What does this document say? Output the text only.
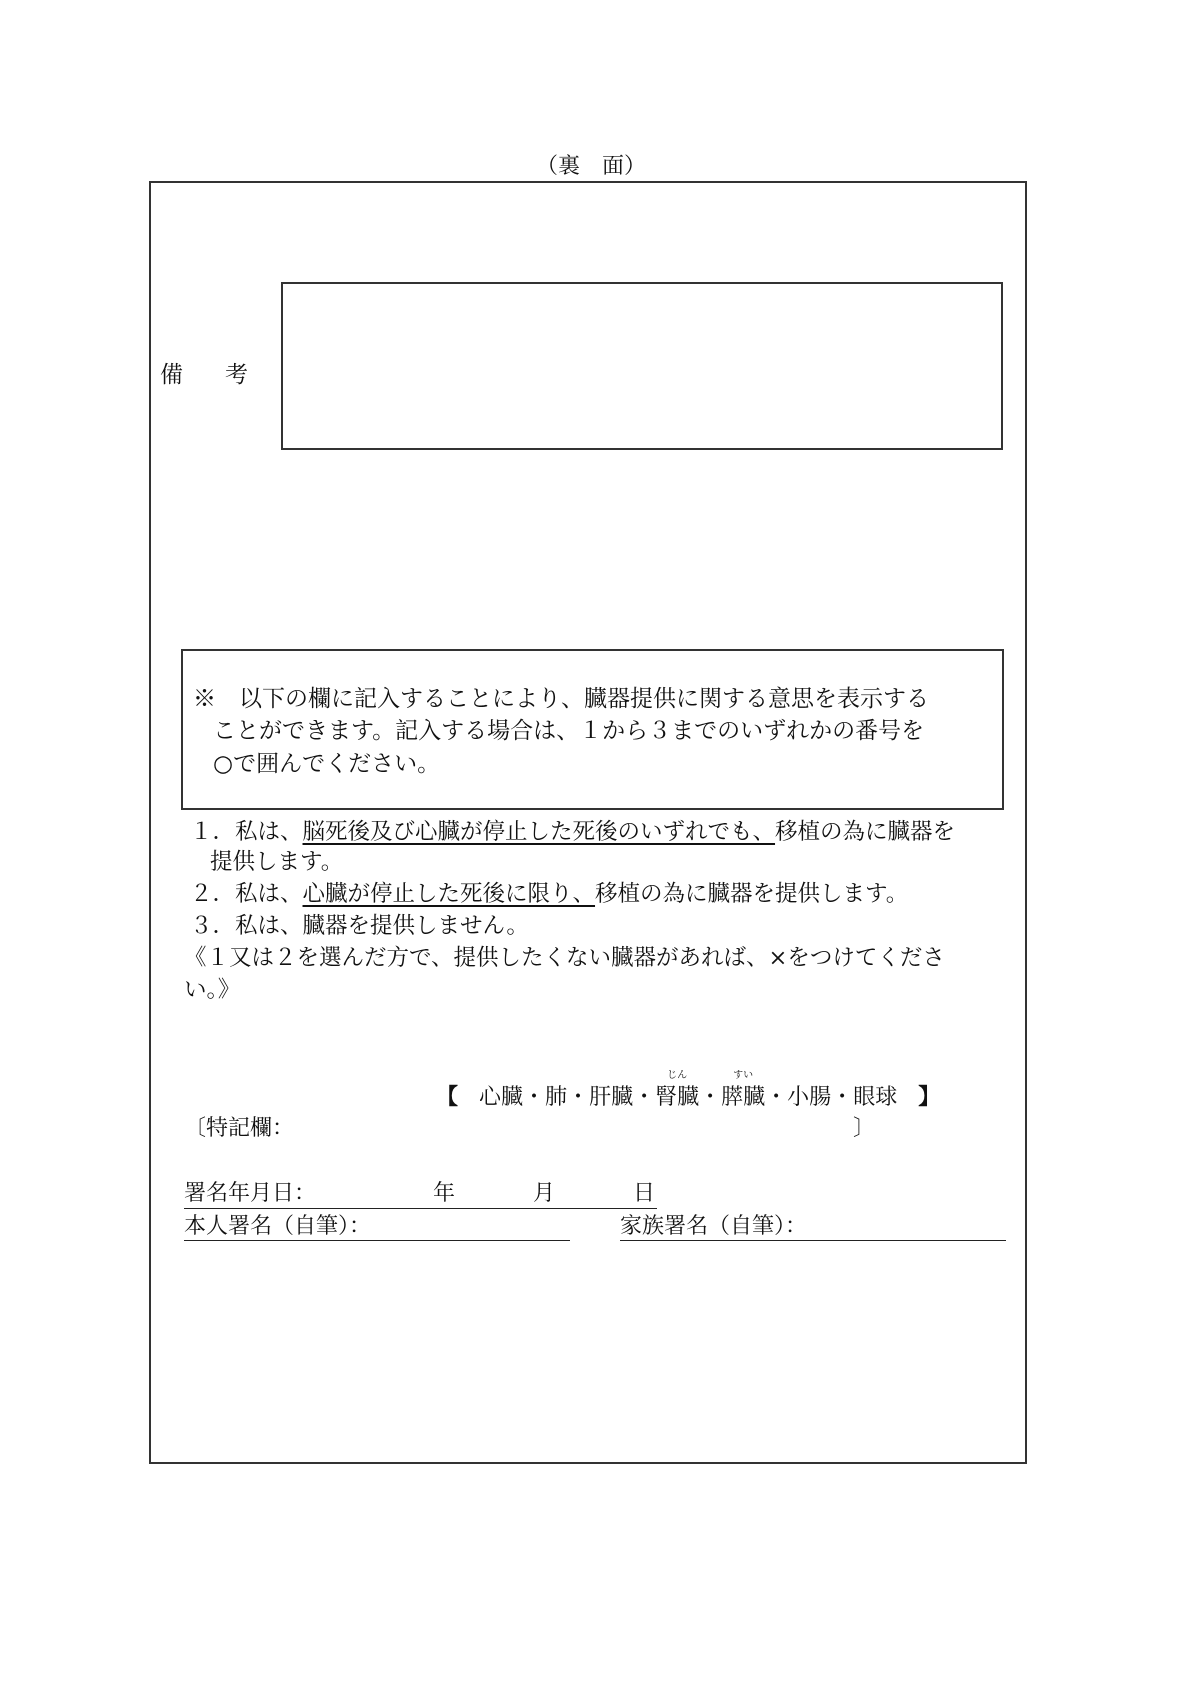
（裏　面）
備 考
※　以下の欄に記入することにより、臓器提供に関する意思を表示する
ことができます。記入する場合は、１から３までのいずれかの番号を
○で囲んでください。
１．私は、脳死後及び心臓が停止した死後のいずれでも、移植の為に臓器を
提供します。
２．私は、心臓が停止した死後に限り、移植の為に臓器を提供します。
３．私は、臓器を提供しません。
《１又は２を選んだ方で、提供したくない臓器があれば、×をつけてくださ
い。》
【 心臓・肺・肝臓・
じん
腎臓・
すい
膵臓・小腸・眼球 】
〔特記欄：	〕
署名年月日：	年	月	日
本人署名（自筆）：	家族署名（自筆）：
